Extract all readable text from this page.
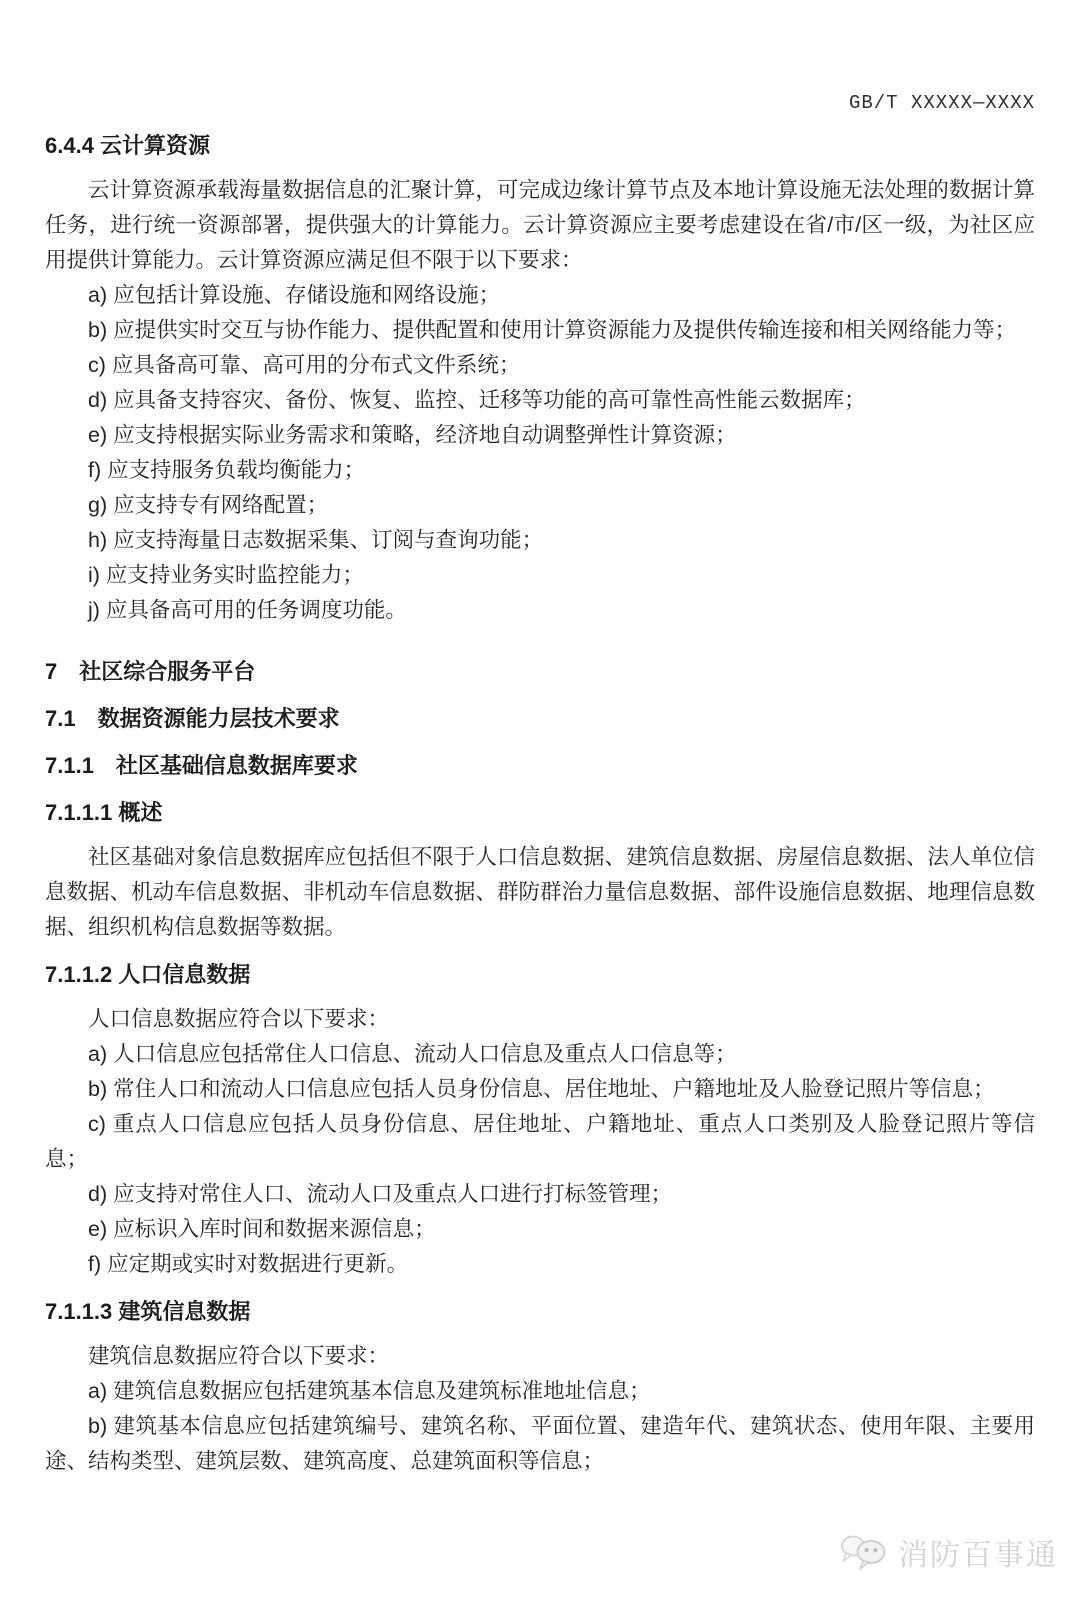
GB/T XXXXX—XXXX
6.4.4 云计算资源

云计算资源承载海量数据信息的汇聚计算，可完成边缘计算节点及本地计算设施无法处理的数据计算任务，进行统一资源部署，提供强大的计算能力。云计算资源应主要考虑建设在省/市/区一级，为社区应用提供计算能力。云计算资源应满足但不限于以下要求：

a) 应包括计算设施、存储设施和网络设施；

b) 应提供实时交互与协作能力、提供配置和使用计算资源能力及提供传输连接和相关网络能力等；

c) 应具备高可靠、高可用的分布式文件系统；

d) 应具备支持容灾、备份、恢复、监控、迁移等功能的高可靠性高性能云数据库；

e) 应支持根据实际业务需求和策略，经济地自动调整弹性计算资源；

f) 应支持服务负载均衡能力；

g) 应支持专有网络配置；

h) 应支持海量日志数据采集、订阅与查询功能；

i) 应支持业务实时监控能力；

j) 应具备高可用的任务调度功能。

7　社区综合服务平台
7.1　数据资源能力层技术要求
7.1.1　社区基础信息数据库要求
7.1.1.1 概述

社区基础对象信息数据库应包括但不限于人口信息数据、建筑信息数据、房屋信息数据、法人单位信息数据、机动车信息数据、非机动车信息数据、群防群治力量信息数据、部件设施信息数据、地理信息数据、组织机构信息数据等数据。

7.1.1.2 人口信息数据

人口信息数据应符合以下要求：

a) 人口信息应包括常住人口信息、流动人口信息及重点人口信息等；

b) 常住人口和流动人口信息应包括人员身份信息、居住地址、户籍地址及人脸登记照片等信息；

c) 重点人口信息应包括人员身份信息、居住地址、户籍地址、重点人口类别及人脸登记照片等信息；

d) 应支持对常住人口、流动人口及重点人口进行打标签管理；

e) 应标识入库时间和数据来源信息；

f) 应定期或实时对数据进行更新。

7.1.1.3 建筑信息数据

建筑信息数据应符合以下要求：

a) 建筑信息数据应包括建筑基本信息及建筑标准地址信息；

b) 建筑基本信息应包括建筑编号、建筑名称、平面位置、建造年代、建筑状态、使用年限、主要用途、结构类型、建筑层数、建筑高度、总建筑面积等信息；

消防百事通
